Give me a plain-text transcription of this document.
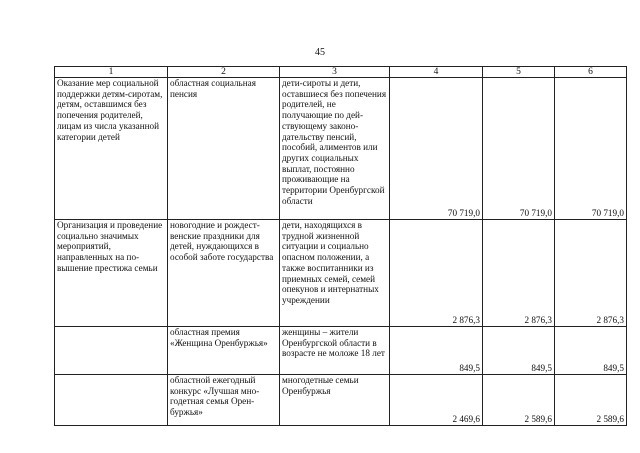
45
1	2	3	4	5	6
Оказание мер социальной поддержки детям-сиротам, детям, оставшимся без попечения родителей, лицам из числа указанной категории детей	областная социальная пенсия	дети-сироты и дети, оставшиеся без попечения родителей, не получающие по действующему законодательству пенсий, пособий, алиментов или других социальных выплат, постоянно проживающие на территории Оренбургской области	70 719,0	70 719,0	70 719,0
Организация и проведение социально значимых мероприятий, направленных на повышение престижа семьи	новогодние и рождественские праздники для детей, нуждающихся в особой заботе государства	дети, находящихся в трудной жизненной ситуации и социально опасном положении, а также воспитанники из приемных семей, семей опекунов и интернатных учреждении	2 876,3	2 876,3	2 876,3
	областная премия «Женщина Оренбуржья»	женщины – жители Оренбургской области в возрасте не моложе 18 лет	849,5	849,5	849,5
	областной ежегодный конкурс «Лучшая многодетная семья Оренбуржья»	многодетные семьи Оренбуржья	2 469,6	2 589,6	2 589,6
